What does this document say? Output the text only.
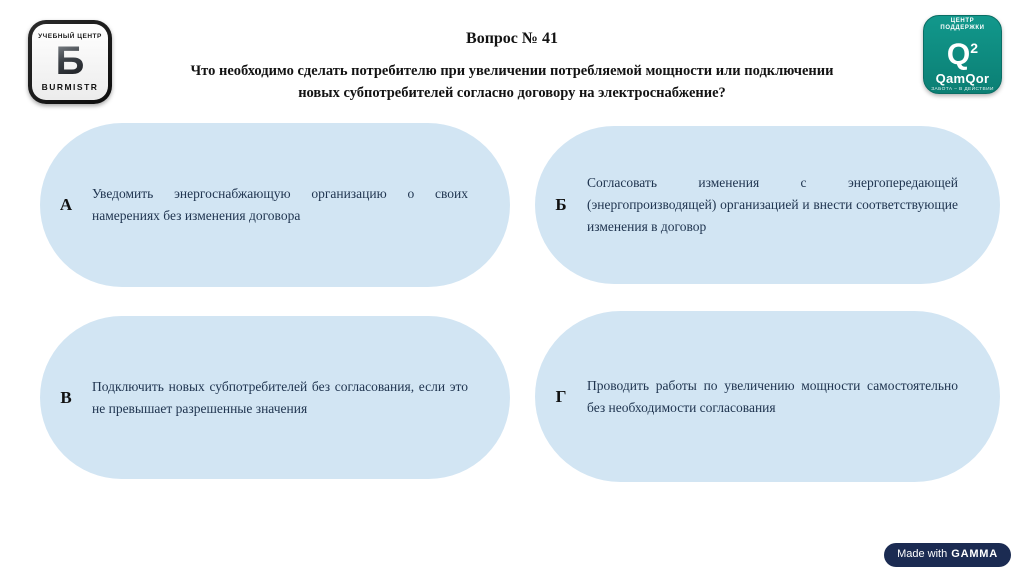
УЧЕБНЫЙ ЦЕНТР
Б
BURMISTR
ЦЕНТР
ПОДДЕРЖКИ
$Q^2$
QamQor
ЗАБОТА – В ДЕЙСТВИИ
Вопрос № 41
Что необходимо сделать потребителю при увеличении потребляемой мощности или подключении новых субпотребителей согласно договору на электроснабжение?
А
Уведомить энергоснабжающую организацию о своих намерениях без изменения договора
Б
Согласовать изменения с энергопередающей (энергопроизводящей) организацией и внести соответствующие изменения в договор
В
Подключить новых субпотребителей без согласования, если это не превышает разрешенные значения
Г
Проводить работы по увеличению мощности самостоятельно без необходимости согласования
Made with GAMMA
